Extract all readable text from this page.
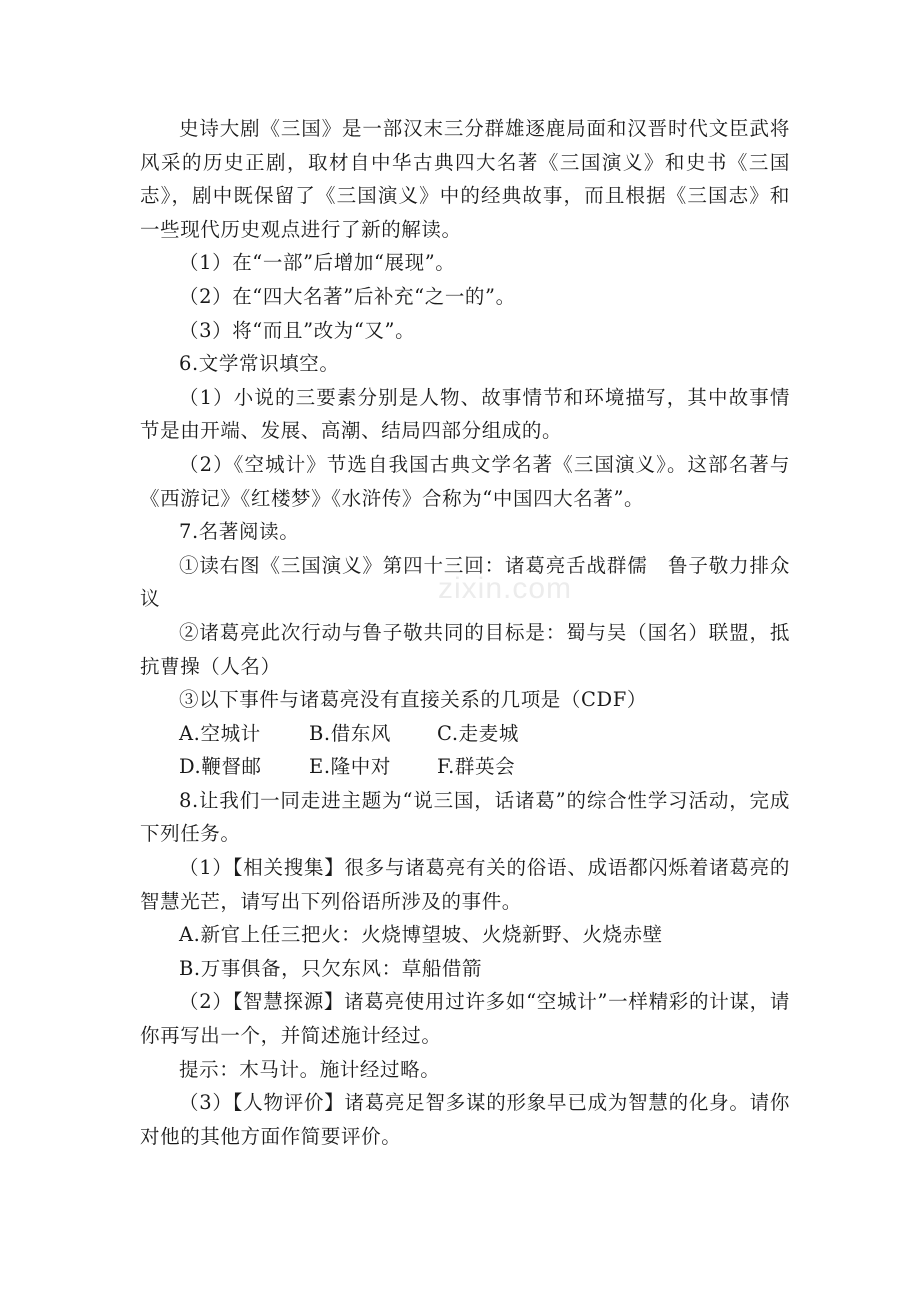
zixin.com

史诗大剧《三国》是一部汉末三分群雄逐鹿局面和汉晋时代文臣武将风采的历史正剧，取材自中华古典四大名著《三国演义》和史书《三国志》，剧中既保留了《三国演义》中的经典故事，而且根据《三国志》和一些现代历史观点进行了新的解读。

（1）在“一部”后增加“展现”。

（2）在“四大名著”后补充“之一的”。

（3）将“而且”改为“又”。

6.文学常识填空。

（1）小说的三要素分别是人物、故事情节和环境描写，其中故事情节是由开端、发展、高潮、结局四部分组成的。

（2）《空城计》节选自我国古典文学名著《三国演义》。这部名著与《西游记》《红楼梦》《水浒传》合称为“中国四大名著”。

7.名著阅读。

①读右图《三国演义》第四十三回：诸葛亮舌战群儒　鲁子敬力排众议

②诸葛亮此次行动与鲁子敬共同的目标是：蜀与吴（国名）联盟，抵抗曹操（人名）

③以下事件与诸葛亮没有直接关系的几项是（CDF）

A.空城计	B.借东风	C.走麦城
D.鞭督邮	E.隆中对	F.群英会

8.让我们一同走进主题为“说三国，话诸葛”的综合性学习活动，完成下列任务。

（1）【相关搜集】很多与诸葛亮有关的俗语、成语都闪烁着诸葛亮的智慧光芒，请写出下列俗语所涉及的事件。

A.新官上任三把火：火烧博望坡、火烧新野、火烧赤壁

B.万事俱备，只欠东风：草船借箭

（2）【智慧探源】诸葛亮使用过许多如“空城计”一样精彩的计谋，请你再写出一个，并简述施计经过。

提示：木马计。施计经过略。

（3）【人物评价】诸葛亮足智多谋的形象早已成为智慧的化身。请你对他的其他方面作简要评价。
